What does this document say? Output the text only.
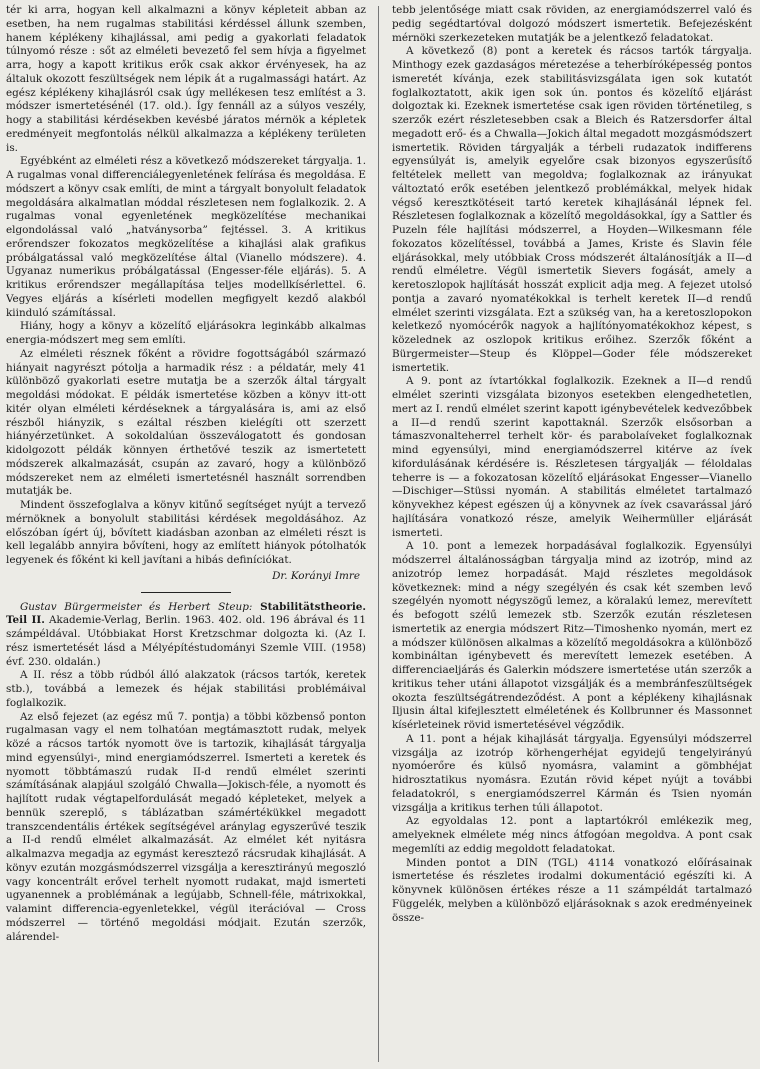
tér ki arra, hogyan kell alkalmazni a könyv képleteit abban az esetben, ha nem rugalmas stabilitási kérdéssel állunk szemben, hanem képlékeny kihajlással, ami pedig a gyakorlati feladatok túlnyomó része : sőt az elméleti bevezető fel sem hívja a figyelmet arra, hogy a kapott kritikus erők csak akkor érvényesek, ha az általuk okozott feszültségek nem lépik át a rugalmassági határt. Az egész képlékeny kihajlásról csak úgy mellékesen tesz említést a 3. módszer ismertetésénél (17. old.). Így fennáll az a súlyos veszély, hogy a stabilitási kérdésekben kevésbé járatos mérnök a képletek eredményeit megfontolás nélkül alkalmazza a képlékeny területen is.

Egyébként az elméleti rész a következő módszereket tárgyalja. 1. A rugalmas vonal differenciálegyenletének felírása és megoldása. E módszert a könyv csak említi, de mint a tárgyalt bonyolult feladatok megoldására alkalmatlan móddal részletesen nem foglalkozik. 2. A rugalmas vonal egyenletének megközelítése mechanikai elgondolással való „hatványsorba” fejtéssel. 3. A kritikus erőrendszer fokozatos megközelítése a kihajlási alak grafikus próbálgatással való megközelítése által (Vianello módszere). 4. Ugyanaz numerikus próbálgatással (Engesser-féle eljárás). 5. A kritikus erőrendszer megállapítása teljes modellkísérlettel. 6. Vegyes eljárás a kísérleti modellen megfigyelt kezdő alakból kiinduló számítással.

Hiány, hogy a könyv a közelítő eljárásokra leginkább alkalmas energia-módszert meg sem említi.

Az elméleti résznek főként a rövidre fogottságából származó hiányait nagyrészt pótolja a harmadik rész : a példatár, mely 41 különböző gyakorlati esetre mutatja be a szerzők által tárgyalt megoldási módokat. E példák ismertetése közben a könyv itt-ott kitér olyan elméleti kérdéseknek a tárgyalására is, ami az első részből hiányzik, s ezáltal részben kielégíti ott szerzett hiányérzetünket. A sokoldalúan összeválogatott és gondosan kidolgozott példák könnyen érthetővé teszik az ismertetett módszerek alkalmazását, csupán az zavaró, hogy a különböző módszereket nem az elméleti ismertetésnél használt sorrendben mutatják be.

Mindent összefoglalva a könyv kitűnő segítséget nyújt a tervező mérnöknek a bonyolult stabilitási kérdések megoldásához. Az előszóban ígért új, bővített kiadásban azonban az elméleti részt is kell legalább annyira bővíteni, hogy az említett hiányok pótolhatók legyenek és főként ki kell javítani a hibás definíciókat.

Dr. Korányi Imre

Gustav Bürgermeister és Herbert Steup: Stabilitätstheorie. Teil II. Akademie-Verlag, Berlin. 1963. 402. old. 196 ábrával és 11 számpéldával. Utóbbiakat Horst Kretzschmar dolgozta ki. (Az I. rész ismertetését lásd a Mélyépítéstudományi Szemle VIII. (1958) évf. 230. oldalán.)

A II. rész a több rúdból álló alakzatok (rácsos tartók, keretek stb.), továbbá a lemezek és héjak stabilitási problémáival foglalkozik.

Az első fejezet (az egész mű 7. pontja) a többi közbenső ponton rugalmasan vagy el nem tolhatóan megtámasztott rudak, melyek közé a rácsos tartók nyomott öve is tartozik, kihajlását tárgyalja mind egyensúlyi-, mind energiamódszerrel. Ismerteti a keretek és nyomott többtámaszú rudak II-d rendű elmélet szerinti számításának alapjául szolgáló Chwalla—Jokisch-féle, a nyomott és hajlított rudak végtapelfordulását megadó képleteket, melyek a bennük szereplő, s táblázatban számértékükkel megadott transzcendentális értékek segítségével aránylag egyszerűvé teszik a II-d rendű elmélet alkalmazását. Az elmélet két nyitásra alkalmazva megadja az egymást keresztező rácsrudak kihajlását. A könyv ezután mozgásmódszerrel vizsgálja a keresztirányú megoszló vagy koncentrált erővel terhelt nyomott rudakat, majd ismerteti ugyanennek a problémának a legújabb, Schnell-féle, mátrixokkal, valamint differencia-egyenletekkel, végül iterációval — Cross módszerrel — történő megoldási módjait. Ezután szerzők, alárendel-

tebb jelentősége miatt csak röviden, az energiamódszerrel való és pedig segédtartóval dolgozó módszert ismertetik. Befejezésként mérnöki szerkezeteken mutatják be a jelentkező feladatokat.

A következő (8) pont a keretek és rácsos tartók tárgyalja. Minthogy ezek gazdaságos méretezése a teherbíróképesség pontos ismeretét kívánja, ezek stabilitásvizsgálata igen sok kutatót foglalkoztatott, akik igen sok ún. pontos és közelítő eljárást dolgoztak ki. Ezeknek ismertetése csak igen röviden történetileg, s szerzők ezért részletesebben csak a Bleich és Ratzersdorfer által megadott erő- és a Chwalla—Jokich által megadott mozgásmódszert ismertetik. Röviden tárgyalják a térbeli rudazatok indifferens egyensúlyát is, amelyik egyelőre csak bizonyos egyszerűsítő feltételek mellett van megoldva; foglalkoznak az irányukat változtató erők esetében jelentkező problémákkal, melyek hidak végső keresztkötéseit tartó keretek kihajlásánál lépnek fel. Részletesen foglalkoznak a közelítő megoldásokkal, így a Sattler és Puzeln féle hajlítási módszerrel, a Hoyden—Wilkesmann féle fokozatos közelítéssel, továbbá a James, Kriste és Slavin féle eljárásokkal, mely utóbbiak Cross módszerét általánosítják a II—d rendű elméletre. Végül ismertetik Sievers fogását, amely a keretoszlopok hajlítását hosszát explicit adja meg. A fejezet utolsó pontja a zavaró nyomatékokkal is terhelt keretek II—d rendű elmélet szerinti vizsgálata. Ezt a szükség van, ha a keretoszlopokon keletkező nyomócérők nagyok a hajlítónyomatékokhoz képest, s közelednek az oszlopok kritikus erőihez. Szerzők főként a Bürgermeister—Steup és Klöppel—Goder féle módszereket ismertetik.

A 9. pont az ívtartókkal foglalkozik. Ezeknek a II—d rendű elmélet szerinti vizsgálata bizonyos esetekben elengedhetetlen, mert az I. rendű elmélet szerint kapott igénybevételek kedvezőbbek a II—d rendű szerint kapottaknál. Szerzők elsősorban a támaszvonalteherrel terhelt kör- és parabolaíveket foglalkoznak mind egyensúlyi, mind energiamódszerrel kitérve az ívek kifordulásának kérdésére is. Részletesen tárgyalják — féloldalas teherre is — a fokozatosan közelítő eljárásokat Engesser—Vianello—Dischiger—Stüssi nyomán. A stabilitás elméletet tartalmazó könyvekhez képest egészen új a könyvnek az ívek csavarással járó hajlítására vonatkozó része, amelyik Weihermüller eljárását ismerteti.

A 10. pont a lemezek horpadásával foglalkozik. Egyensúlyi módszerrel általánosságban tárgyalja mind az izotróp, mind az anizotróp lemez horpadását. Majd részletes megoldások következnek: mind a négy szegélyén és csak két szemben levő szegélyén nyomott négyszögű lemez, a köralakú lemez, merevített és befogott szélű lemezek stb. Szerzők ezután részletesen ismertetik az energia módszert Ritz—Timoshenko nyomán, mert ez a módszer különösen alkalmas a közelítő megoldásokra a különböző kombináltan igénybevett és merevített lemezek esetében. A differenciaeljárás és Galerkin módszere ismertetése után szerzők a kritikus teher utáni állapotot vizsgálják és a membránfeszültségek okozta feszültségátrendeződést. A pont a képlékeny kihajlásnak Iljusin által kifejlesztett elméletének és Kollbrunner és Massonnet kísérleteinek rövid ismertetésével végződik.

A 11. pont a héjak kihajlását tárgyalja. Egyensúlyi módszerrel vizsgálja az izotróp körhengerhéjat egyidejű tengelyirányú nyomóerőre és külső nyomásra, valamint a gömbhéjat hidrosztatikus nyomásra. Ezután rövid képet nyújt a további feladatokról, s energiamódszerrel Kármán és Tsien nyomán vizsgálja a kritikus terhen túli állapotot.

Az egyoldalas 12. pont a laptartókról emlékezik meg, amelyeknek elmélete még nincs átfogóan megoldva. A pont csak megemlíti az eddig megoldott feladatokat.

Minden pontot a DIN (TGL) 4114 vonatkozó előírásainak ismertetése és részletes irodalmi dokumentáció egészíti ki. A könyvnek különösen értékes része a 11 számpéldát tartalmazó Függelék, melyben a különböző eljárásoknak s azok eredményeinek össze-
